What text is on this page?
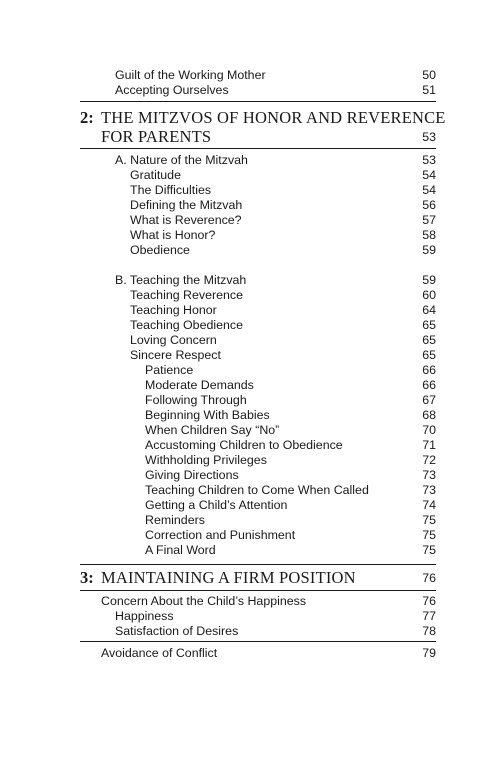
Guilt of the Working Mother	50
Accepting Ourselves	51
2: THE MITZVOS OF HONOR AND REVERENCE
FOR PARENTS	53
A. Nature of the Mitzvah	53
Gratitude	54
The Difficulties	54
Defining the Mitzvah	56
What is Reverence?	57
What is Honor?	58
Obedience	59
B. Teaching the Mitzvah	59
Teaching Reverence	60
Teaching Honor	64
Teaching Obedience	65
Loving Concern	65
Sincere Respect	65
Patience	66
Moderate Demands	66
Following Through	67
Beginning With Babies	68
When Children Say “No”	70
Accustoming Children to Obedience	71
Withholding Privileges	72
Giving Directions	73
Teaching Children to Come When Called	73
Getting a Child’s Attention	74
Reminders	75
Correction and Punishment	75
A Final Word	75
3: MAINTAINING A FIRM POSITION	76
Concern About the Child’s Happiness	76
Happiness	77
Satisfaction of Desires	78
Avoidance of Conflict	79
